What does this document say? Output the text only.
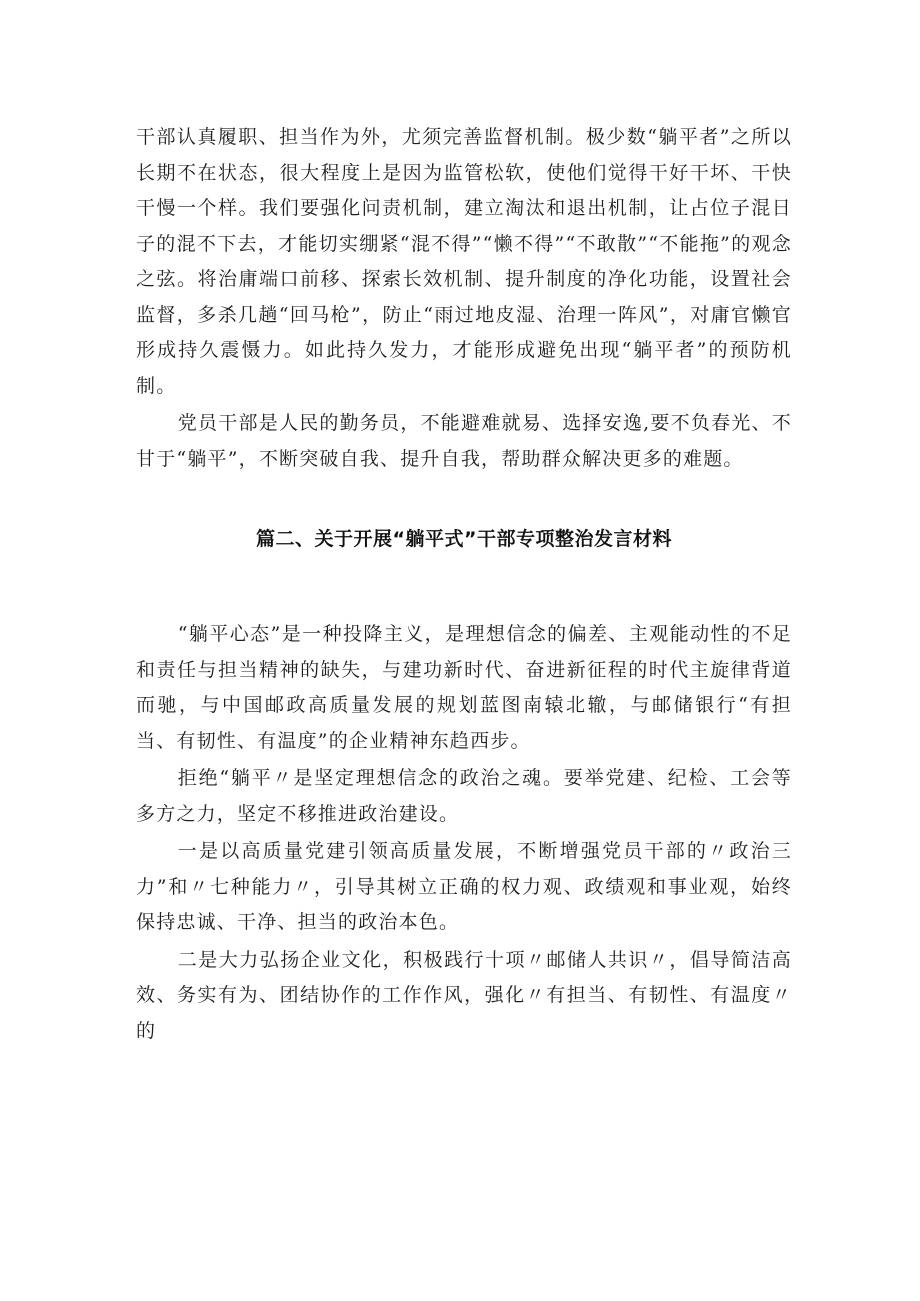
干部认真履职、担当作为外，尤须完善监督机制。极少数“躺平者”之所以长期不在状态，很大程度上是因为监管松软，使他们觉得干好干坏、干快干慢一个样。我们要强化问责机制，建立淘汰和退出机制，让占位子混日子的混不下去，才能切实绷紧“混不得”“懒不得”“不敢散”“不能拖”的观念之弦。将治庸端口前移、探索长效机制、提升制度的净化功能，设置社会监督，多杀几趟“回马枪”，防止“雨过地皮湿、治理一阵风”，对庸官懒官形成持久震慑力。如此持久发力，才能形成避免出现“躺平者”的预防机制。

党员干部是人民的勤务员，不能避难就易、选择安逸,要不负春光、不甘于“躺平”，不断突破自我、提升自我，帮助群众解决更多的难题。

篇二、关于开展“躺平式”干部专项整治发言材料

“躺平心态”是一种投降主义，是理想信念的偏差、主观能动性的不足和责任与担当精神的缺失，与建功新时代、奋进新征程的时代主旋律背道而驰，与中国邮政高质量发展的规划蓝图南辕北辙，与邮储银行“有担当、有韧性、有温度”的企业精神东趋西步。

拒绝“躺平〃是坚定理想信念的政治之魂。要举党建、纪检、工会等多方之力，坚定不移推进政治建设。

一是以高质量党建引领高质量发展，不断增强党员干部的〃政治三力”和〃七种能力〃，引导其树立正确的权力观、政绩观和事业观，始终保持忠诚、干净、担当的政治本色。

二是大力弘扬企业文化，积极践行十项〃邮储人共识〃，倡导简洁高效、务实有为、团结协作的工作作风，强化〃有担当、有韧性、有温度〃的
